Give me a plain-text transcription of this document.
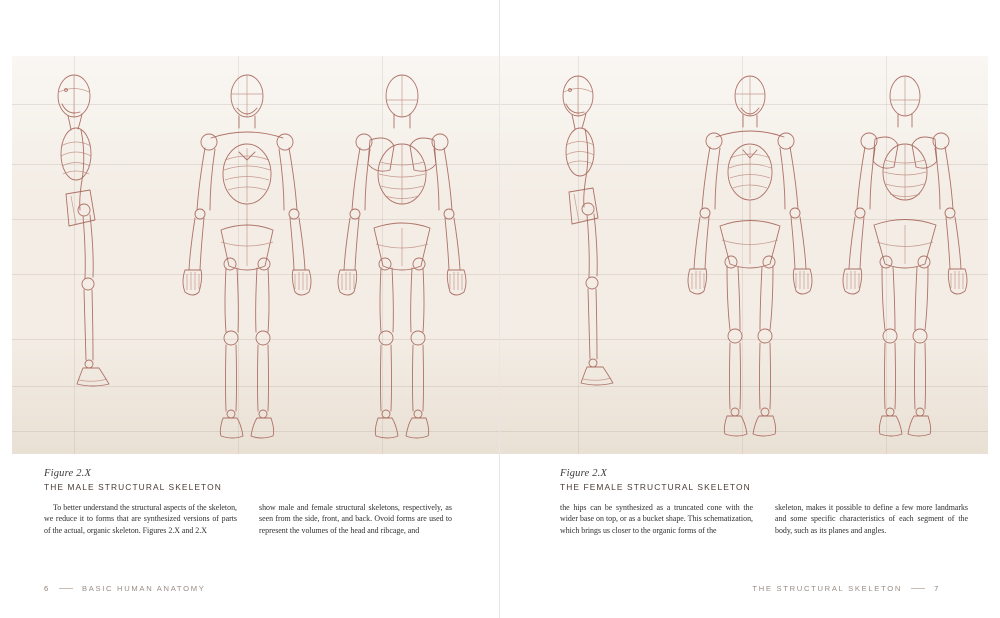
Figure 2.X
THE MALE STRUCTURAL SKELETON

To better understand the structural aspects of the skeleton, we reduce it to forms that are synthesized versions of parts of the actual, organic skeleton. Figures 2.X and 2.X

show male and female structural skeletons, respectively, as seen from the side, front, and back. Ovoid forms are used to represent the volumes of the head and ribcage, and

6	BASIC HUMAN ANATOMY
Figure 2.X
THE FEMALE STRUCTURAL SKELETON

the hips can be synthesized as a truncated cone with the wider base on top, or as a bucket shape. This schematization, which brings us closer to the organic forms of the

skeleton, makes it possible to define a few more landmarks and some specific characteristics of each segment of the body, such as its planes and angles.

THE STRUCTURAL SKELETON	7
